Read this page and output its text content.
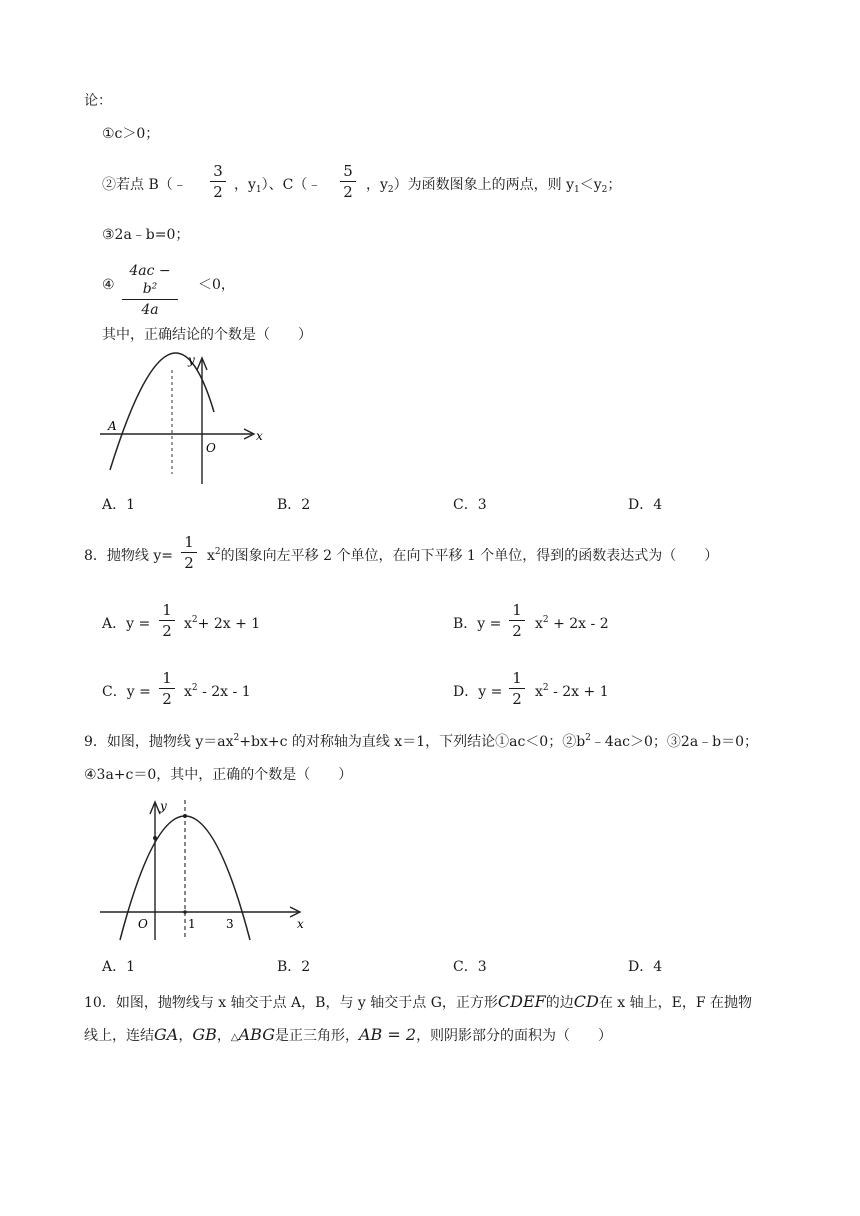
论：
①c＞0；
②若点 B（﹣
3
2 ，$y_1$）、C（﹣
5
2 ，$y_2$）为函数图象上的两点，则 $y_1<y_2$；
③2a﹣b=0；
④
4ac − b²
4a
＜0，
其中，正确结论的个数是（　　）
y
x
A
O
A．1	B．2	C．3	D．4
8．抛物线 y=
1
2 $x^2$的图象向左平移 2 个单位，在向下平移 1 个单位，得到的函数表达式为（　　）
A．y =
1
2 $x^2+ 2x + 1$	B．y =
1
2 $x^2 + 2x - 2$
C．y =
1
2 $x^2 - 2x - 1$	D．y =
1
2 $x^2 - 2x + 1$
9．如图，抛物线 $y=ax^2+bx+c$ 的对称轴为直线 x＝1，下列结论①ac＜0；$②b^2﹣4ac>0$；③2a﹣b＝0；
④3a+c＝0，其中，正确的个数是（　　）
y
x
O	1	3
A．1	B．2	C．3	D．4
10．如图，抛物线与 x 轴交于点 A，B，与 y 轴交于点 G，正方形CDEF的边CD在 x 轴上，E，F 在抛物
线上，连结GA，GB，△ABG是正三角形，AB = 2，则阴影部分的面积为（　　）
